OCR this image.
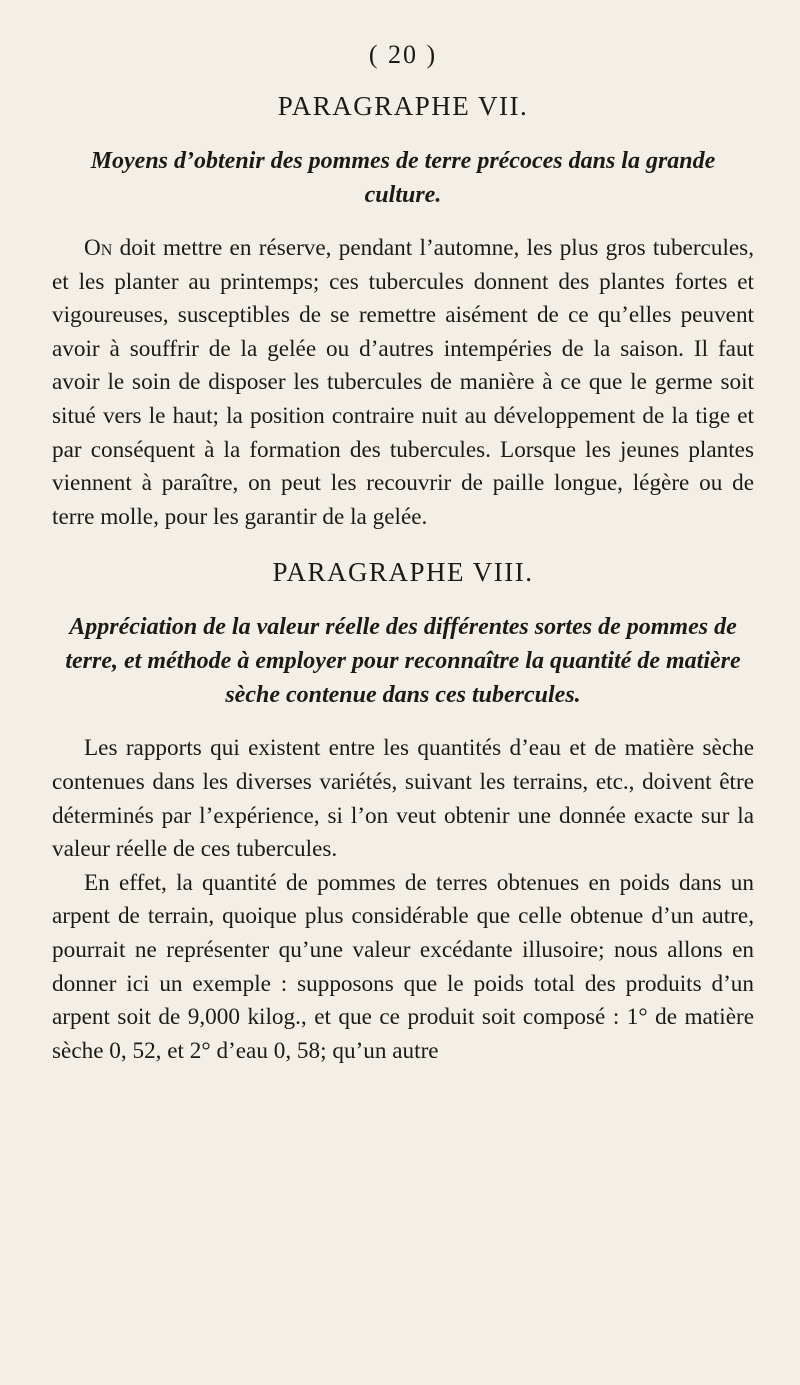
( 20 )
PARAGRAPHE VII.
Moyens d’obtenir des pommes de terre précoces dans la grande culture.

On doit mettre en réserve, pendant l’automne, les plus gros tubercules, et les planter au printemps; ces tubercules donnent des plantes fortes et vigoureuses, susceptibles de se remettre aisément de ce qu’elles peuvent avoir à souffrir de la gelée ou d’autres intempéries de la saison. Il faut avoir le soin de disposer les tubercules de manière à ce que le germe soit situé vers le haut; la position contraire nuit au développement de la tige et par conséquent à la formation des tubercules. Lorsque les jeunes plantes viennent à paraître, on peut les recouvrir de paille longue, légère ou de terre molle, pour les garantir de la gelée.

PARAGRAPHE VIII.
Appréciation de la valeur réelle des différentes sortes de pommes de terre, et méthode à employer pour reconnaître la quantité de matière sèche contenue dans ces tubercules.

Les rapports qui existent entre les quantités d’eau et de matière sèche contenues dans les diverses variétés, suivant les terrains, etc., doivent être déterminés par l’expérience, si l’on veut obtenir une donnée exacte sur la valeur réelle de ces tubercules.

En effet, la quantité de pommes de terres obtenues en poids dans un arpent de terrain, quoique plus considérable que celle obtenue d’un autre, pourrait ne représenter qu’une valeur excédante illusoire; nous allons en donner ici un exemple : supposons que le poids total des produits d’un arpent soit de 9,000 kilog., et que ce produit soit composé : 1° de matière sèche 0, 52, et 2° d’eau 0, 58; qu’un autre
